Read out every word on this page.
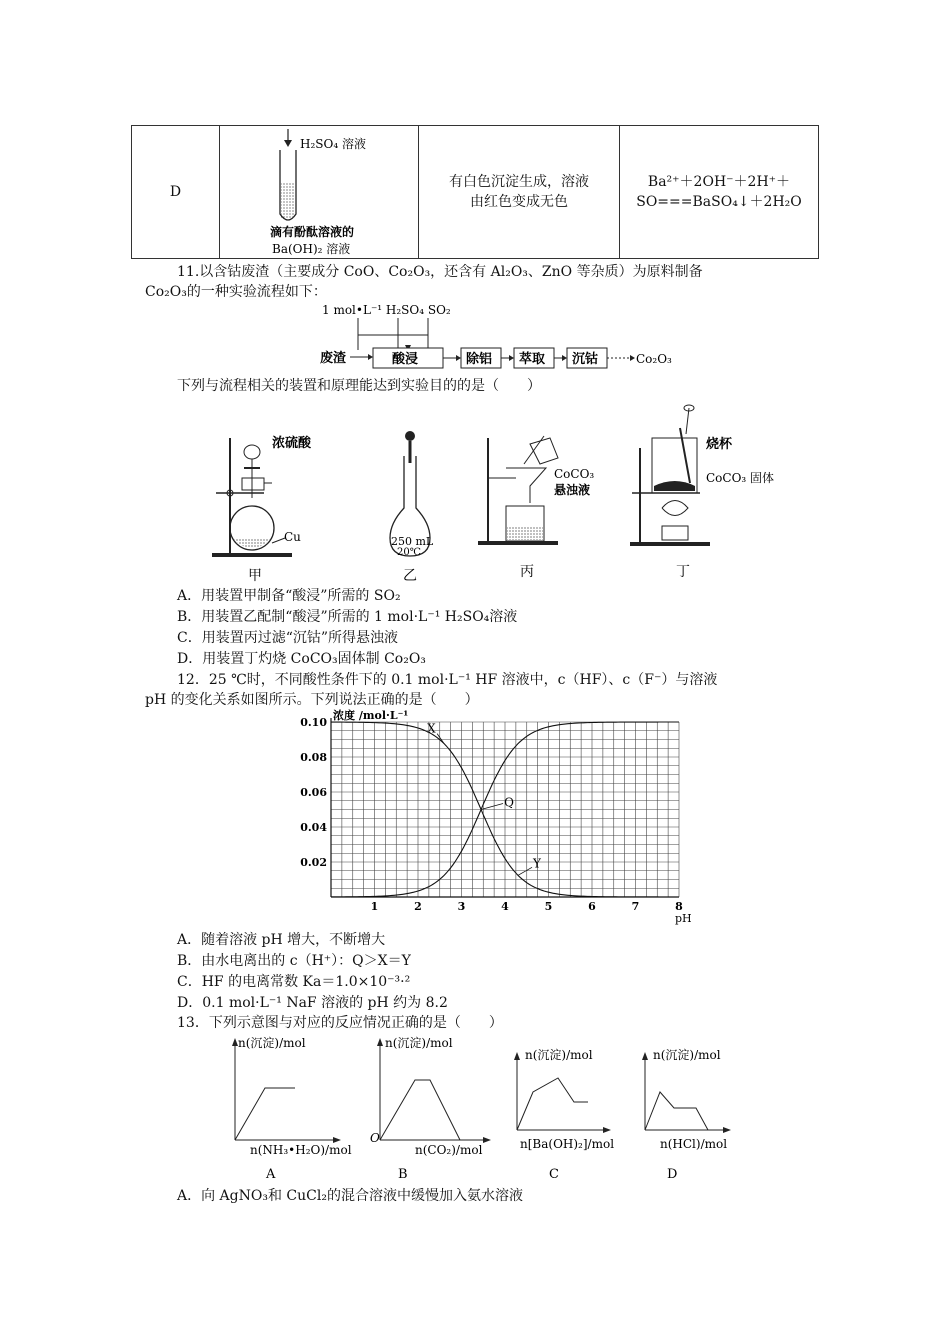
D	
H₂SO₄ 溶液
滴有酚酞溶液的
Ba(OH)₂ 溶液

有白色沉淀生成，溶液
由红色变成无色

Ba²⁺＋2OH⁻＋2H⁺＋
SO===BaSO₄↓＋2H₂O
11.以含钴废渣（主要成分 CoO、Co₂O₃，还含有 Al₂O₃、ZnO 等杂质）为原料制备
Co₂O₃的一种实验流程如下：
1 mol•L⁻¹ H₂SO₄ SO₂
废渣	酸浸	除铝 萃取 沉钴	Co₂O₃
下列与流程相关的装置和原理能达到实验目的的是（　　）
浓硫酸
Cu
甲
250 mL
20℃
乙
CoCO₃
悬浊液
丙
烧杯
CoCO₃ 固体
丁
A．用装置甲制备“酸浸”所需的 SO₂
B．用装置乙配制“酸浸”所需的 1 mol·L⁻¹ H₂SO₄溶液
C．用装置丙过滤“沉钴”所得悬浊液
D．用装置丁灼烧 CoCO₃固体制 Co₂O₃
12．25 ℃时，不同酸性条件下的 0.1 mol·L⁻¹ HF 溶液中，c（HF）、c（F⁻）与溶液
pH 的变化关系如图所示。下列说法正确的是（　　）
0.02
0.04
0.06
0.08
0.10
1	2	3	4	5	6	7	8
浓度 /mol·L⁻¹
pH
Q
X
Y
A．随着溶液 pH 增大，不断增大
B．由水电离出的 c（H⁺）：Q＞X＝Y
C．HF 的电离常数 Ka＝1.0×10⁻³·²
D．0.1 mol·L⁻¹ NaF 溶液的 pH 约为 8.2
13．下列示意图与对应的反应情况正确的是（　　）
n(沉淀)/mol
n(NH₃•H₂O)/mol
A
n(沉淀)/mol
O
n(CO₂)/mol
B
n(沉淀)/mol
n[Ba(OH)₂]/mol
C
n(沉淀)/mol
n(HCl)/mol
D
A．向 AgNO₃和 CuCl₂的混合溶液中缓慢加入氨水溶液
